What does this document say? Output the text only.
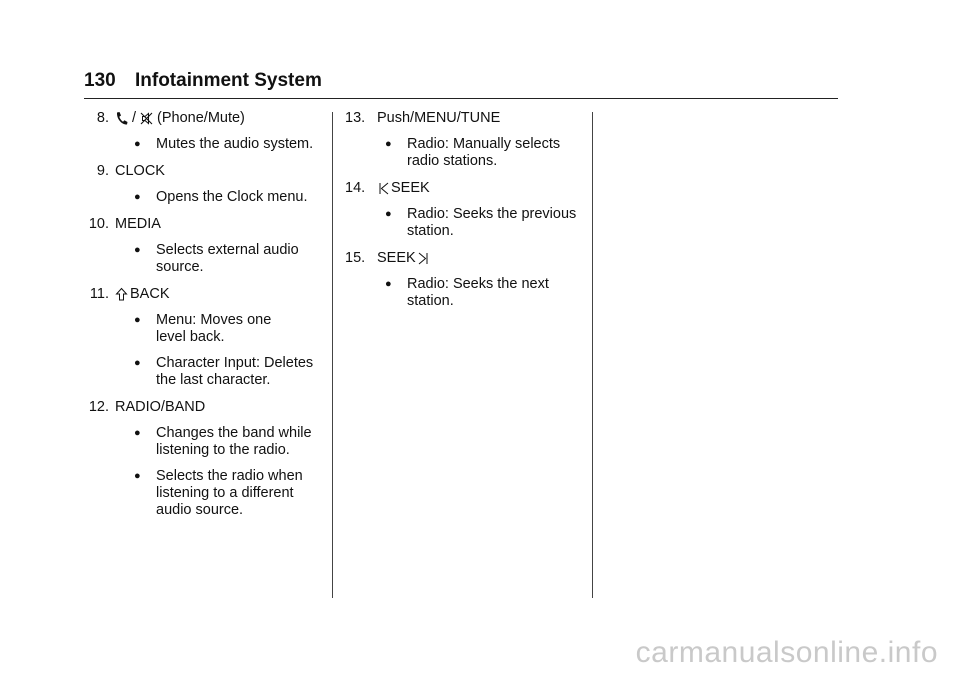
130 Infotainment System
8.	/ (Phone/Mute)
●	Mutes the audio system.
9. CLOCK
●	Opens the Clock menu.
10. MEDIA
●	Selects external audio source.
11.	BACK
●	Menu: Moves one level back.
●	Character Input: Deletes the last character.
12. RADIO/BAND
●	Changes the band while listening to the radio.
●	Selects the radio when listening to a different audio source.
13. Push/MENU/TUNE
●	Radio: Manually selects radio stations.
14.	SEEK
●	Radio: Seeks the previous station.
15. SEEK
●	Radio: Seeks the next station.
carmanualsonline.info
